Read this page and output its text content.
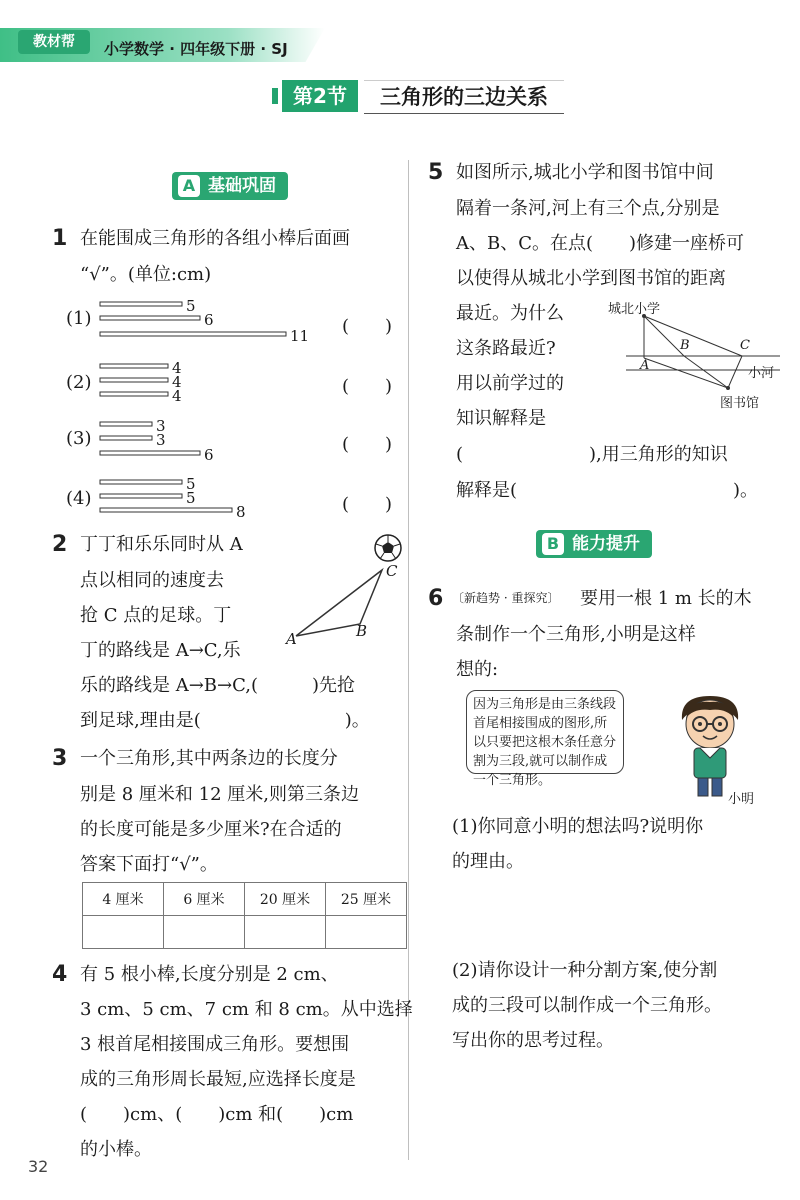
教材帮	小学数学 · 四年级下册 · SJ
第2节	三角形的三边关系
A 基础巩固
1 在能围成三角形的各组小棒后面画
“√”。(单位:cm)
(1)
5
6
11 (　　)
(2)
4
4
4	(　　)
(3)
3
3
6	(　　)
(4)
5
5
8	(　　)
2 丁丁和乐乐同时从 A
点以相同的速度去
抢 C 点的足球。丁
丁的路线是 A→C,乐
乐的路线是 A→B→C,(　　　)先抢
到足球,理由是(　　　　　　　　)。
A	B
C
3 一个三角形,其中两条边的长度分
别是 8 厘米和 12 厘米,则第三条边
的长度可能是多少厘米?在合适的
答案下面打“√”。
4 厘米	6 厘米	20 厘米	25 厘米

4 有 5 根小棒,长度分别是 2 cm、
3 cm、5 cm、7 cm 和 8 cm。从中选择
3 根首尾相接围成三角形。要想围
成的三角形周长最短,应选择长度是
(　　)cm、(　　)cm 和(　　)cm
的小棒。
5 如图所示,城北小学和图书馆中间
隔着一条河,河上有三个点,分别是
A、B、C。在点(　　)修建一座桥可
以使得从城北小学到图书馆的距离
最近。为什么
这条路最近?
用以前学过的
知识解释是
(　　　　　　　),用三角形的知识
解释是(　　　　　　　　　　　　)。
城北小学
图书馆
小河
A
B	C
B 能力提升
6 〔新趋势 · 重探究〕 要用一根 1 m 长的木
条制作一个三角形,小明是这样
想的:
因为三角形是由三条线段首尾相接围成的图形,所以只要把这根木条任意分割为三段,就可以制作成一个三角形。
小明
(1)你同意小明的想法吗?说明你
的理由。
(2)请你设计一种分割方案,使分割
成的三段可以制作成一个三角形。
写出你的思考过程。
32
